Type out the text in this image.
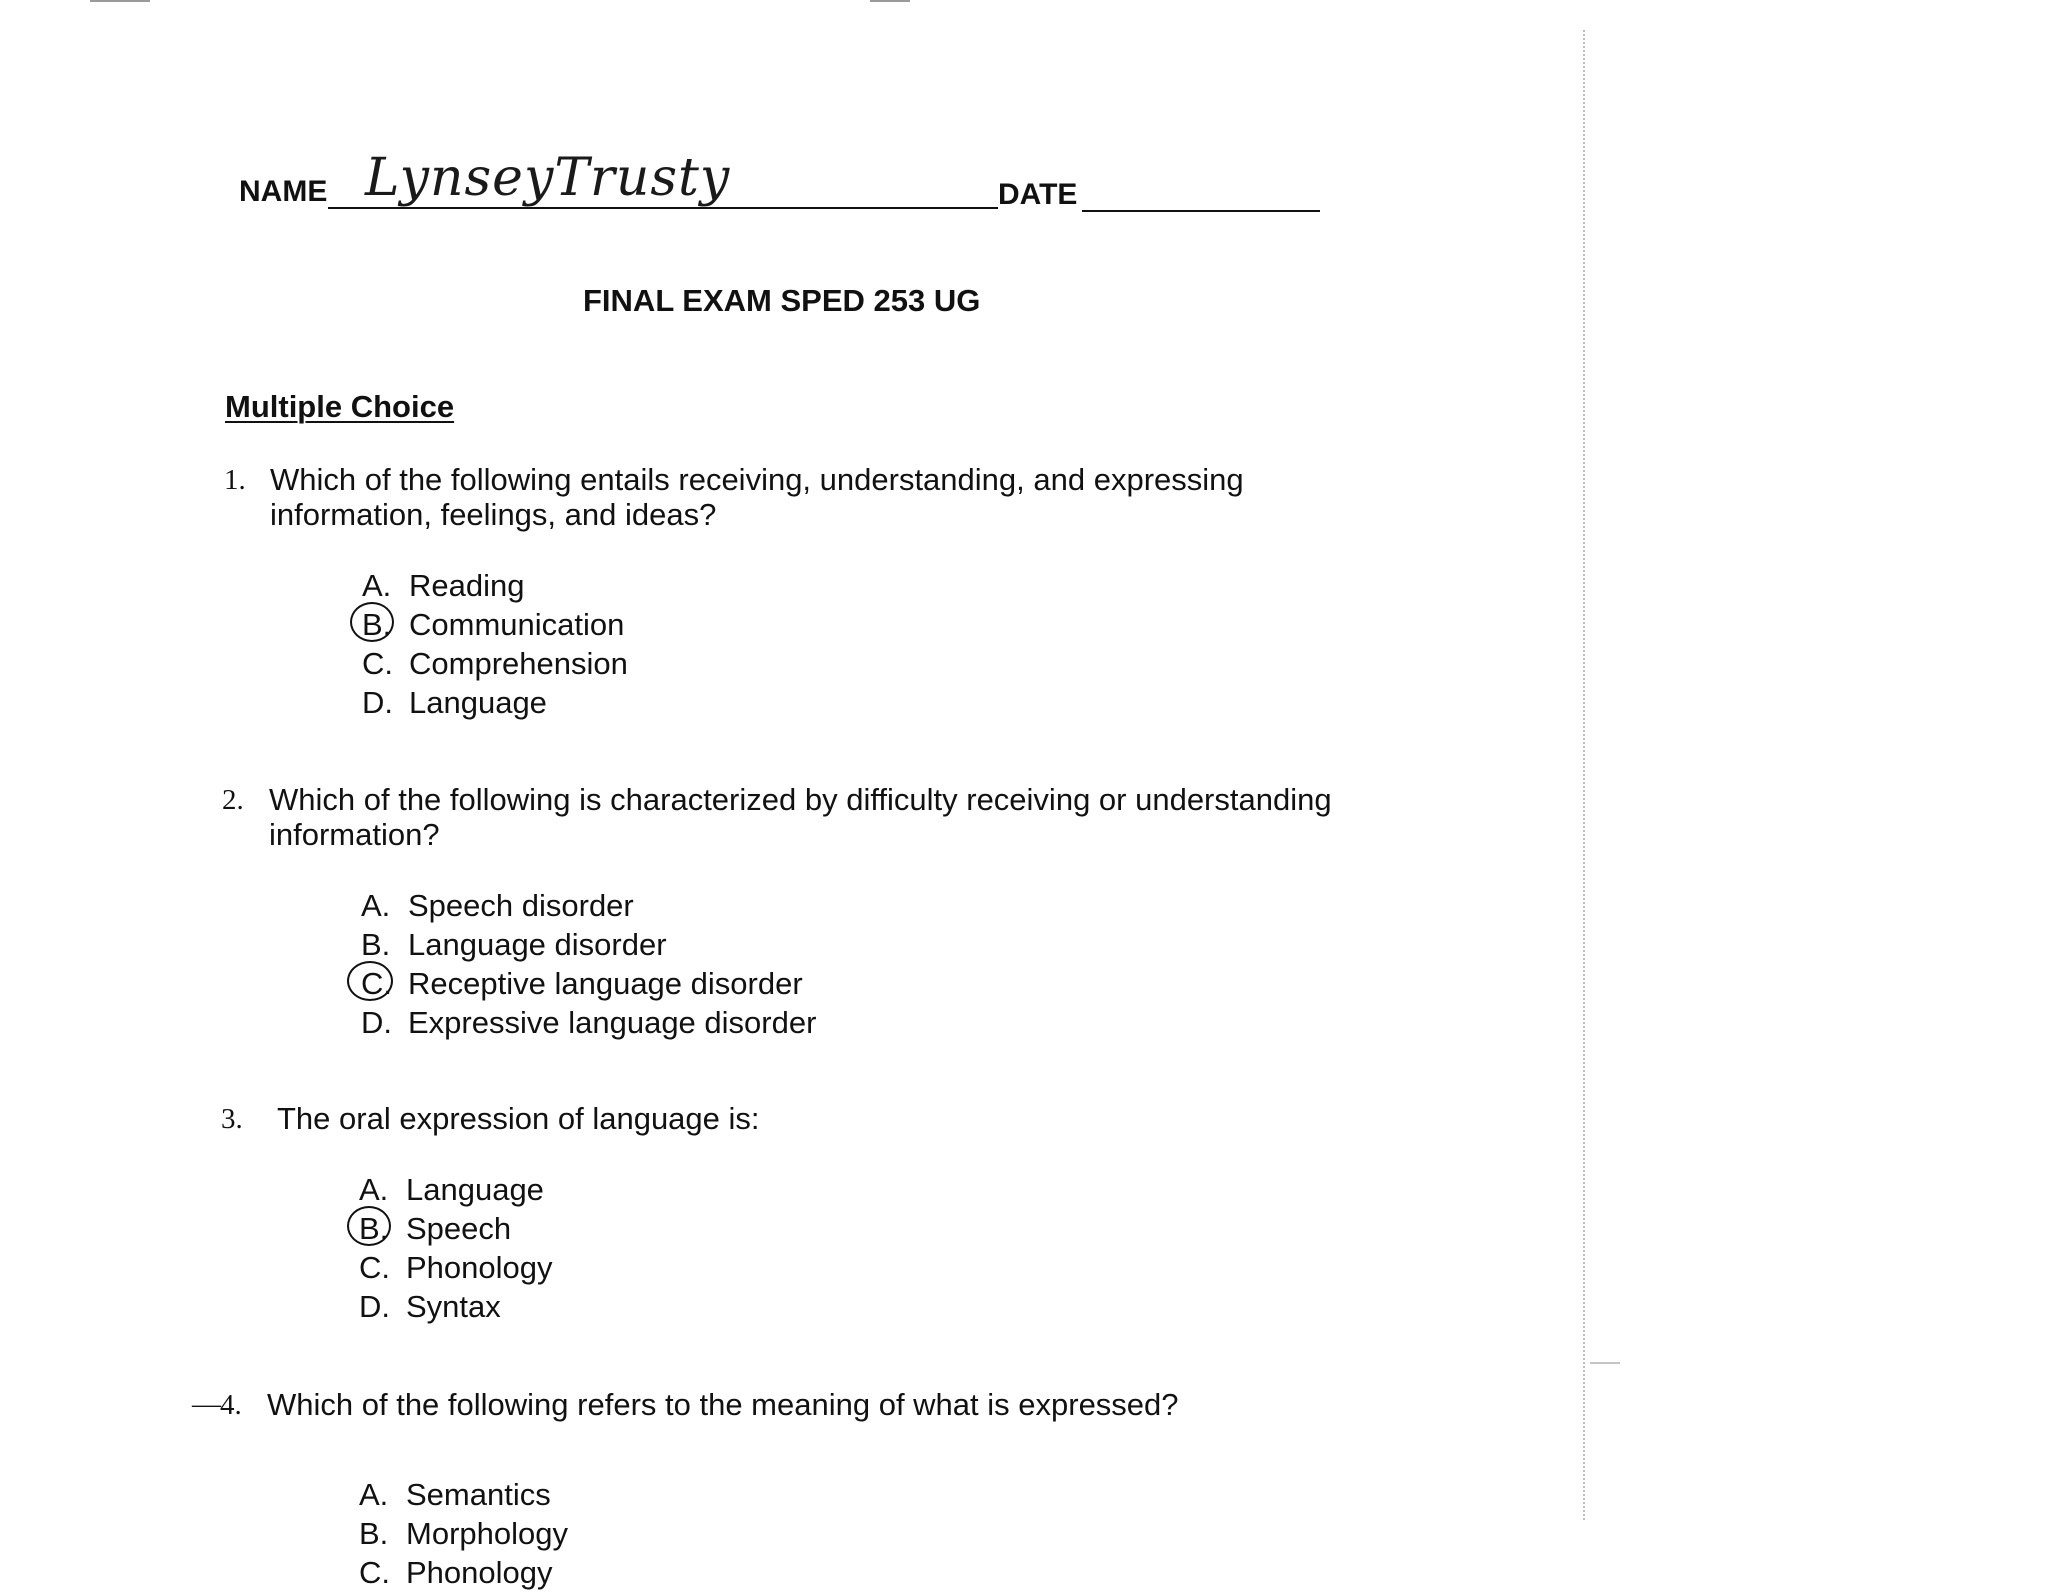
NAME LynseyTrusty	DATE
FINAL EXAM SPED 253 UG
Multiple Choice
1. Which of the following entails receiving, understanding, and expressing
information, feelings, and ideas?
A. Reading
B. Communication
C. Comprehension
D. Language
2. Which of the following is characterized by difficulty receiving or understanding
information?
A. Speech disorder
B. Language disorder
C. Receptive language disorder
D. Expressive language disorder
3. The oral expression of language is:
A. Language
B. Speech
C. Phonology
D. Syntax
— 4. Which of the following refers to the meaning of what is expressed?
A. Semantics
B. Morphology
C. Phonology
